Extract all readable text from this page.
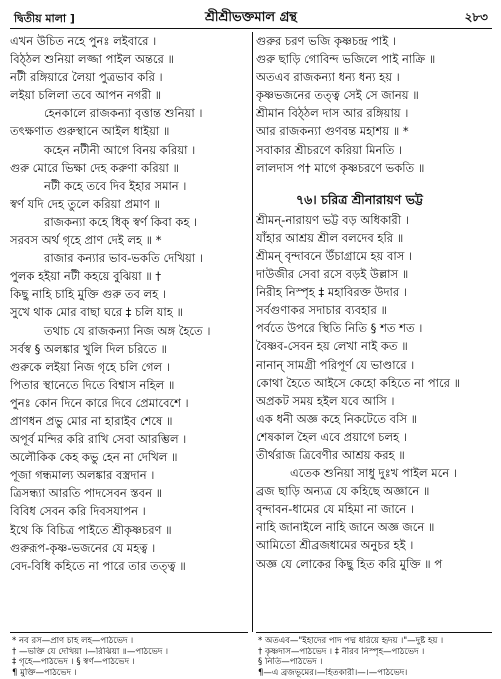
দ্বিতীয় মালা ]	শ্রীশ্রীভক্তমাল গ্রন্থ	২৮৩
এখন উচিত নহে পুনঃ লইবারে ।
বিঠ্ঠল শুনিয়া লজ্জা পাইল অন্তরে ॥
নটী রঙ্গিয়ারে লৈয়া পুত্রভাব করি ।
লইয়া চলিলা তবে আপন নগরী ॥
হেনকালে রাজকন্যা বৃত্তান্ত শুনিয়া ।
তৎক্ষণাত গুরুস্থানে আইল ধাইয়া ॥
কহেন নটীনী আগে বিনয় করিয়া ।
গুরু মোরে ভিক্ষা দেহ করুণা করিয়া ॥
নটী কহে তবে দিব ইহার সমান ।
স্বর্ণ যদি দেহ তুলে করিয়া প্রমাণ ॥
রাজকন্যা কহে ধিক্ স্বর্ণ কিবা কহ ।
সরবস অর্থ গৃহে প্রাণ দেই লহ ॥ *
রাজার কন্যার ভাব-ভকতি দেখিয়া ।
পুলক হইয়া নটী কহয়ে বুঝিয়া ॥ †
কিছু নাহি চাহি মুক্তি গুরু তব লহ ।
সুখে থাক মোর বাছা ঘরে ‡ চলি যাহ ॥
তথাচ যে রাজকন্যা নিজ অঙ্গ হৈতে ।
সর্বস্ব § অলঙ্কার খুলি দিল চরিতে ॥
গুরুকে লইয়া নিজ গৃহে চলি গেল ।
পিতার স্থানেতে দিতে বিশ্বাস নহিল ॥
পুনঃ কোন দিনে কারে দিবে প্রেমাবেশে ।
প্রাণধন প্রভু মোর না হারাইব শেষে ॥
অপূর্ব মন্দির করি রাখি সেবা আরম্ভিল ।
অলৌকিক কেহ কভু হেন না দেখিল ॥
পূজা গন্ধমাল্য অলঙ্কার বস্ত্রদান ।
ত্রিসন্ধ্যা আরতি পাদসেবন স্তবন ॥
বিবিধ সেবন করি দিবসযাপন ।
ইথে কি বিচিত্র পাইতে শ্রীকৃষ্ণচরণ ॥
গুরুরূপ-কৃষ্ণ-ভজনের যে মহত্ব ।
বেদ-বিধি কহিতে না পারে তার তত্ত্ব ॥
গুরুর চরণ ভজি কৃষ্ণচন্দ্র পাই ।
গুরু ছাড়ি গোবিন্দ ভজিলে পাই নাক্রি ॥
অতএব রাজকন্যা ধন্য ধন্য হয় ।
কৃষ্ণভজনের তত্ত্ব সেই সে জানয় ॥
শ্রীমান বিঠ্ঠল দাস আর রঙ্গিয়ায় ।
আর রাজকন্যা গুণবন্ত মহাশয় ॥ *
সবাকার শ্রীচরণে করিয়া মিনতি ।
লালদাস প† মাগে কৃষ্ণচরণে ভকতি ॥
৭৬। চরিত্র শ্রীনারায়ণ ভট্ট
শ্রীমন্-নারায়ণ ভট্ট বড় অধিকারী ।
যাঁহার আশ্রয় শ্রীল বলদেব হরি ॥
শ্রীমন্ বৃন্দাবনে উঁচাগ্রামে হয় বাস ।
দাউজীর সেবা রসে বড়ই উল্লাস ॥
নিরীহ নিস্পৃহ ‡ মহাবিরক্ত উদার ।
সর্বগুণাকর সদাচার ব্যবহার ॥
পর্বতে উপরে স্থিতি নিতি § শত শত ।
বৈষ্ণব-সেবন হয় লেখা নাই কত ॥
নানান্ সামগ্রী পরিপূর্ণ যে ভাণ্ডারে ।
কোথা হৈতে আইসে কেহো কহিতে না পারে ॥
অপ্রকট সময় হইল যবে আসি ।
এক ধনী অজ্ঞ কহে নিকটেতে বসি ॥
শেষকাল হৈল এবে প্রয়াগে চলহ ।
তীর্থরাজ ত্রিবেণীর আশ্রয় করহ ॥
এতেক শুনিয়া সাধু দুঃখ পাইল মনে ।
ব্রজ ছাড়ি অন্যত্র যে কহিছে অজ্ঞানে ॥
বৃন্দাবন-ধামের যে মহিমা না জানে ।
নাহি জানাইলে নাহি জানে অজ্ঞ জনে ॥
আমিতো শ্রীব্রজধামের অনুচর হই ।
অজ্ঞ যে লোকের কিছু হিত করি মুক্তি ॥ প
* নব রস—প্রাণ চাহ লহ—পাঠভেদ ।
† —ভক্তি যে দেখিয়া ।—রিঝিয়া ॥—পাঠভেদ ।
‡ গৃহে—পাঠভেদ । § স্বর্ণ—পাঠভেদ ।
¶ মুক্তি—পাঠভেদ ।
* অতএব—"ইহাদের পাদ পদ্ম ধরিয়ে হৃদয় ।"—দুষ্ট হয় ।
† কৃষ্ণদাস—পাঠভেদ । ‡ নীরব নিস্পৃহ—পাঠভেদ ।
§ নিতি—পাঠভেদ ।
¶—এ ব্রজভূমের।—হিতকারী।—।—পাঠভেদ।
